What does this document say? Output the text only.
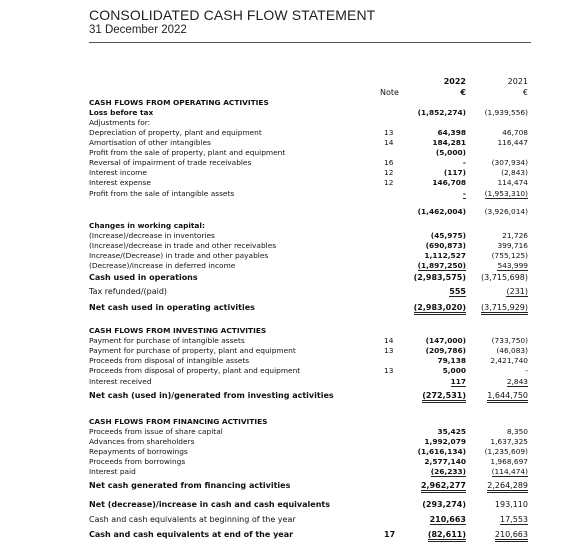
CONSOLIDATED CASH FLOW STATEMENT
31 December 2022
Note
2022	2021
€	€
CASH FLOWS FROM OPERATING ACTIVITIES
Loss before tax	(1,852,274)	(1,939,556)
Adjustments for:
Depreciation of property, plant and equipment	13	64,398	46,708
Amortisation of other intangibles	14	184,281	116,447
Profit from the sale of property, plant and equipment	(5,000)
Reversal of impairment of trade receivables	16	-	(307,934)
Interest income	12	(117)	(2,843)
Interest expense	12	146,708	114,474
Profit from the sale of intangible assets	-	(1,953,310)
(1,462,004)	(3,926,014)
Changes in working capital:
(Increase)/decrease in inventories	(45,975)	21,726
(Increase)/decrease in trade and other receivables	(690,873)	399,716
Increase/(Decrease) in trade and other payables	1,112,527	(755,125)
(Decrease)/increase in deferred income	(1,897,250)	543,999
Cash used in operations	(2,983,575)	(3,715,698)
Tax refunded/(paid)	555	(231)
Net cash used in operating activities	(2,983,020)	(3,715,929)
CASH FLOWS FROM INVESTING ACTIVITIES
Payment for purchase of intangible assets	14	(147,000)	(733,750)
Payment for purchase of property, plant and equipment	13	(209,786)	(46,083)
Proceeds from disposal of intangible assets	79,138	2,421,740
Proceeds from disposal of property, plant and equipment	13	5,000	-
Interest received	117	2,843
Net cash (used in)/generated from investing activities	(272,531)	1,644,750
CASH FLOWS FROM FINANCING ACTIVITIES
Proceeds from issue of share capital	35,425	8,350
Advances from shareholders	1,992,079	1,637,325
Repayments of borrowings	(1,616,134)	(1,235,609)
Proceeds from borrowings	2,577,140	1,968,697
Interest paid	(26,233)	(114,474)
Net cash generated from financing activities	2,962,277	2,264,289
Net (decrease)/increase in cash and cash equivalents	(293,274)	193,110
Cash and cash equivalents at beginning of the year	210,663	17,553
Cash and cash equivalents at end of the year	17	(82,611)	210,663
